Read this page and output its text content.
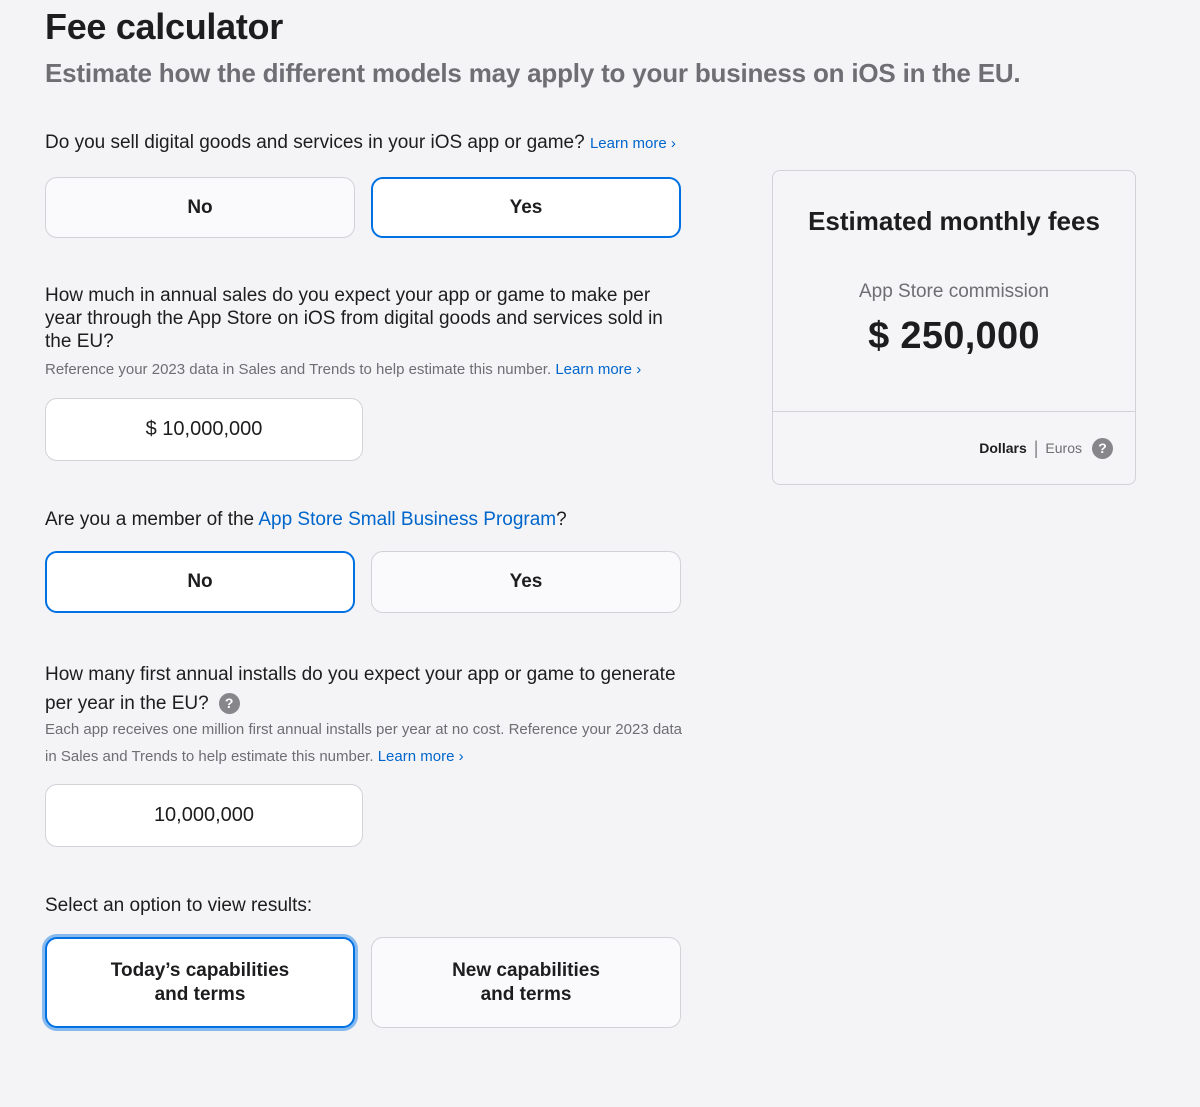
Fee calculator
Estimate how the different models may apply to your business on iOS in the EU.

Do you sell digital goods and services in your iOS app or game? Learn more ›

No	Yes

How much in annual sales do you expect your app or game to make per year through the App Store on iOS from digital goods and services sold in the EU?

Reference your 2023 data in Sales and Trends to help estimate this number. Learn more ›

$ 10,000,000

Are you a member of the App Store Small Business Program?

No	Yes

How many first annual installs do you expect your app or game to generate per year in the EU? ?

Each app receives one million first annual installs per year at no cost. Reference your 2023 data in Sales and Trends to help estimate this number. Learn more ›

10,000,000

Select an option to view results:

Today’s capabilities
and terms
New capabilities
and terms
Estimated monthly fees
App Store commission
$ 250,000
Dollars | Euros	?
